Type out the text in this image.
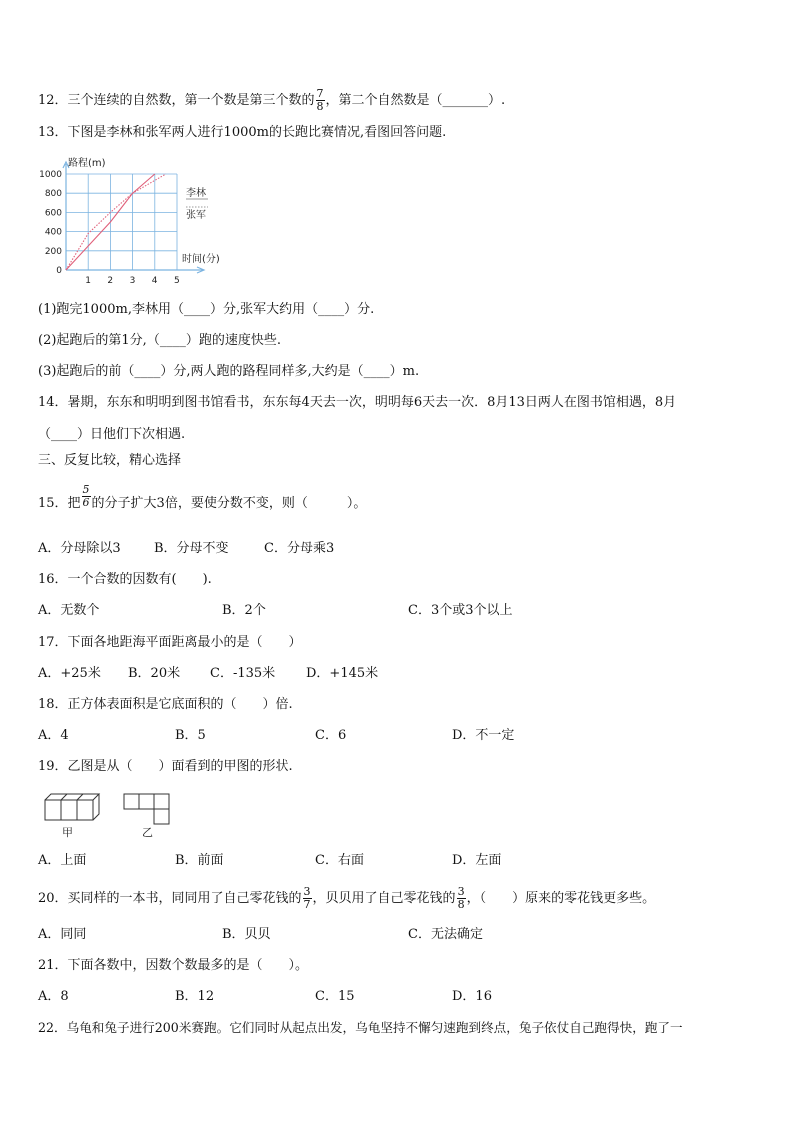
12．三个连续的自然数，第一个数是第三个数的 $\frac{7}{8}$ ，第二个自然数是（_______）.
13．下图是李林和张军两人进行1000m的长跑比赛情况,看图回答问题.
1 2 3 4 5
0
200
400
600
800
1000
路程(m)
时间(分)
李林
张军
(1)跑完1000m,李林用（____）分,张军大约用（____）分.
(2)起跑后的第1分,（____）跑的速度快些.
(3)起跑后的前（____）分,两人跑的路程同样多,大约是（____）m.
14．暑期，东东和明明到图书馆看书，东东每4天去一次，明明每6天去一次．8月13日两人在图书馆相遇，8月
（____）日他们下次相遇.
三、反复比较，精心选择
15．把 $\frac{5}{6}$ 的分子扩大3倍，要使分数不变，则（　　　）。
A．分母除以3	B．分母不变	C．分母乘3
16．一个合数的因数有(　　).
A．无数个	B．2个	C．3个或3个以上
17．下面各地距海平面距离最小的是（　　）
A．+25米 B．20米 C．-135米 D．+145米
18．正方体表面积是它底面积的（　　）倍.
A．4	B．5	C．6	D．不一定
19．乙图是从（　　）面看到的甲图的形状.
甲	乙
A．上面	B．前面	C．右面	D．左面
20．买同样的一本书，同同用了自己零花钱的 $\frac{3}{7}$ ，贝贝用了自己零花钱的 $\frac{3}{8}$ ，（　　）原来的零花钱更多些。
A．同同	B．贝贝	C．无法确定
21．下面各数中，因数个数最多的是（　　）。
A．8	B．12	C．15	D．16
22．乌龟和兔子进行200米赛跑。它们同时从起点出发，乌龟坚持不懈匀速跑到终点，兔子依仗自己跑得快，跑了一
